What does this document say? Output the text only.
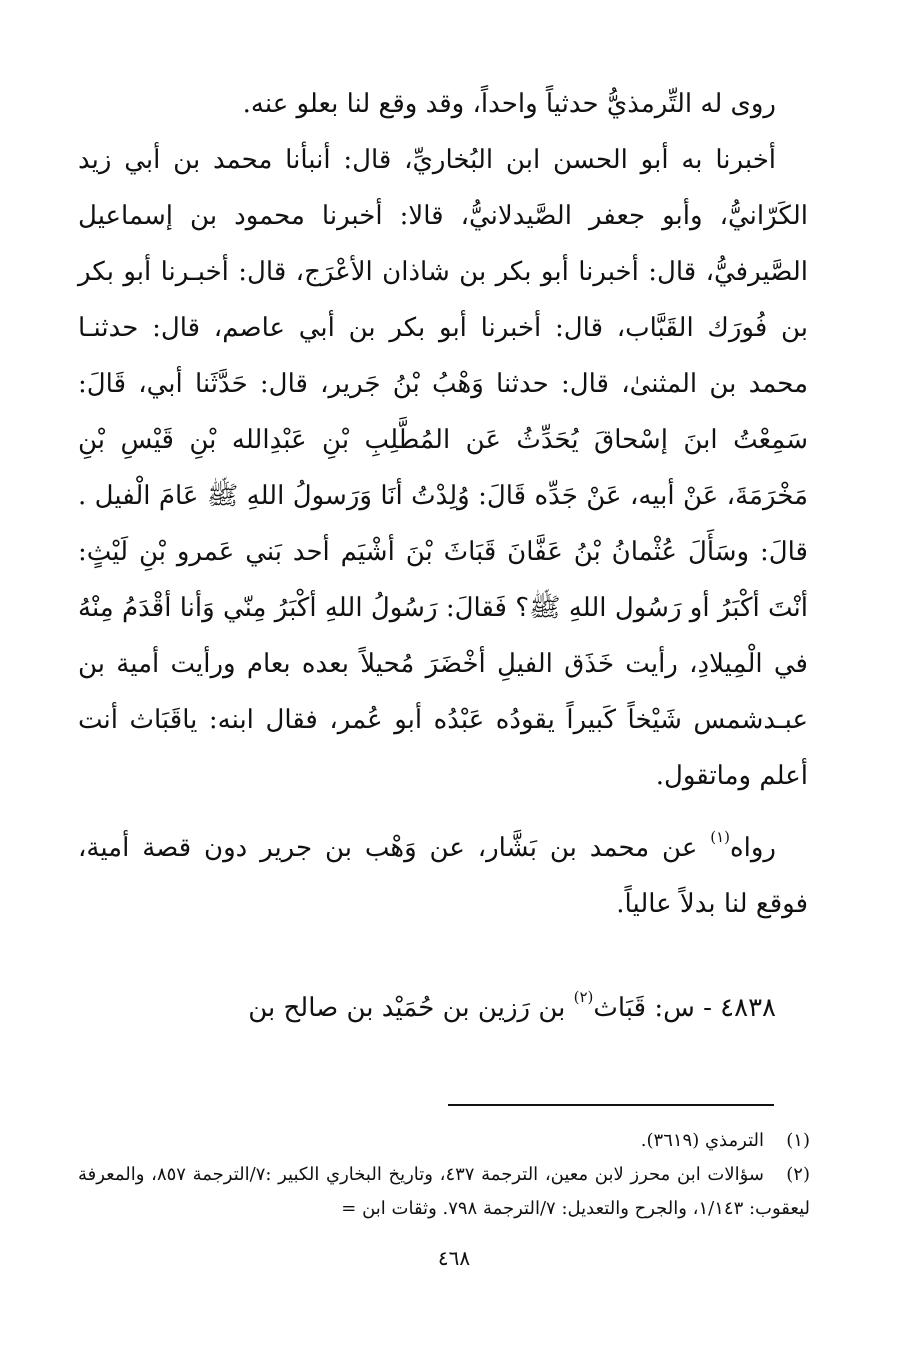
روى له التِّرمذيُّ حدثياً واحداً، وقد وقع لنا بعلو عنه.

أخبرنا به أبو الحسن ابن البُخاريِّ، قال: أنبأنا محمد بن أبي زيد الكَرّانيُّ، وأبو جعفر الصَّيدلانيُّ، قالا: أخبرنا محمود بن إسماعيل الصَّيرفيُّ، قال: أخبرنا أبو بكر بن شاذان الأعْرَج، قال: أخبـرنا أبو بكر بن فُورَك القَبَّاب، قال: أخبرنا أبو بكر بن أبي عاصم، قال: حدثنـا محمد بن المثنىٰ، قال: حدثنا وَهْبُ بْنُ جَرير، قال: حَدَّثَنا أبي، قَالَ: سَمِعْتُ ابنَ إسْحاقَ يُحَدِّثُ عَن المُطَّلِبِ بْنِ عَبْدِالله بْنِ قَيْسِ بْنِ مَخْرَمَةَ، عَنْ أبيه، عَنْ جَدِّه قَالَ: وُلِدْتُ أنَا وَرَسولُ اللهِ ﷺ عَامَ الْفيل . قالَ: وسَأَلَ عُثْمانُ بْنُ عَفَّانَ قَبَاثَ بْنَ أشْيَم أحد بَني عَمرو بْنِ لَيْثٍ: أنْتَ أكْبَرُ أو رَسُول اللهِ ﷺ؟ فَقالَ: رَسُولُ اللهِ أكْبَرُ مِنّي وَأنا أقْدَمُ مِنْهُ في الْمِيلادِ، رأيت خَذَق الفيلِ أخْضَرَ مُحيلاً بعده بعام ورأيت أمية بن عبـدشمس شَيْخاً كَبيراً يقودُه عَبْدُه أبو عُمر، فقال ابنه: ياقَبَاث أنت أعلم وماتقول.

رواه$^{(١)}$ عن محمد بن بَشَّار، عن وَهْب بن جرير دون قصة أمية، فوقع لنا بدلاً عالياً.

٤٨٣٨ - س: قَبَاث$^{(٢)}$ بن رَزين بن حُمَيْد بن صالح بن

(١)الترمذي (٣٦١٩).

(٢)سؤالات ابن محرز لابن معين، الترجمة ٤٣٧، وتاريخ البخاري الكبير :٧/الترجمة ٨٥٧، والمعرفة ليعقوب: ١/١٤٣، والجرح والتعديل: ٧/الترجمة ٧٩٨. وثقات ابن =

٤٦٨
